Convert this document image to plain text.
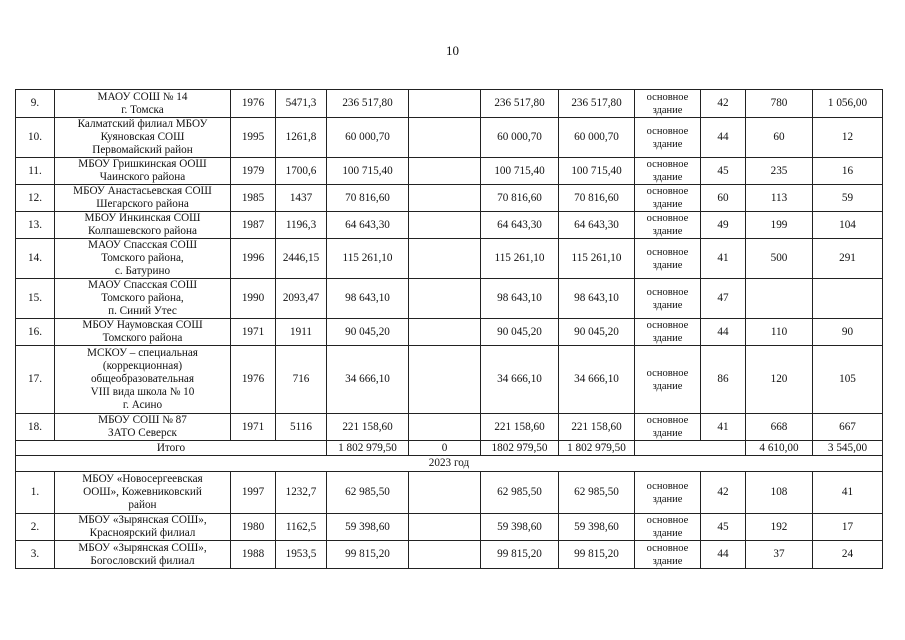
10
9.	МАОУ СОШ № 14
г. Томска	1976	5471,3	236 517,80		236 517,80	236 517,80	основное
здание	42	780	1 056,00
10.	Калматский филиал МБОУ
Куяновская СОШ
Первомайский район	1995	1261,8	60 000,70		60 000,70	60 000,70	основное
здание	44	60	12
11.	МБОУ Гришкинская ООШ
Чаинского района	1979	1700,6	100 715,40		100 715,40	100 715,40	основное
здание	45	235	16
12.	МБОУ Анастасьевская СОШ
Шегарского района	1985	1437	70 816,60		70 816,60	70 816,60	основное
здание	60	113	59
13.	МБОУ Инкинская СОШ
Колпашевского района	1987	1196,3	64 643,30		64 643,30	64 643,30	основное
здание	49	199	104
14.	МАОУ Спасская СОШ
Томского района,
с. Батурино	1996	2446,15	115 261,10		115 261,10	115 261,10	основное
здание	41	500	291
15.	МАОУ Спасская СОШ
Томского района,
п. Синий Утес	1990	2093,47	98 643,10		98 643,10	98 643,10	основное
здание	47		
16.	МБОУ Наумовская СОШ
Томского района	1971	1911	90 045,20		90 045,20	90 045,20	основное
здание	44	110	90
17.	МСКОУ – специальная
(коррекционная)
общеобразовательная
VIII вида школа № 10
г. Асино	1976	716	34 666,10		34 666,10	34 666,10	основное
здание	86	120	105
18.	МБОУ СОШ № 87
ЗАТО Северск	1971	5116	221 158,60		221 158,60	221 158,60	основное
здание	41	668	667
Итого				1 802 979,50	0	1802 979,50	1 802 979,50			4 610,00	3 545,00
2023 год											
1.	МБОУ «Новосергеевская
ООШ», Кожевниковский
район	1997	1232,7	62 985,50		62 985,50	62 985,50	основное
здание	42	108	41
2.	МБОУ «Зырянская СОШ»,
Красноярский филиал	1980	1162,5	59 398,60		59 398,60	59 398,60	основное
здание	45	192	17
3.	МБОУ «Зырянская СОШ»,
Богословский филиал	1988	1953,5	99 815,20		99 815,20	99 815,20	основное
здание	44	37	24
